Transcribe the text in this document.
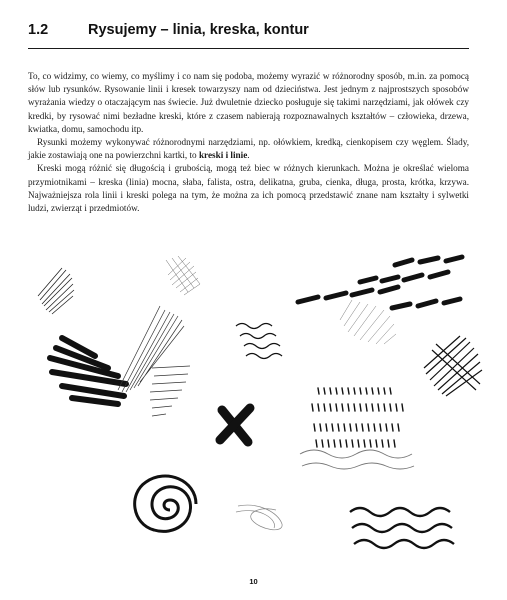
1.2	Rysujemy – linia, kreska, kontur

To, co widzimy, co wiemy, co myślimy i co nam się podoba, możemy wyrazić w różnorodny sposób, m.in. za pomocą słów lub rysunków. Rysowanie linii i kresek towarzyszy nam od dzieciństwa. Jest jednym z najprostszych sposobów wyrażania wiedzy o otaczającym nas świecie. Już dwuletnie dziecko posługuje się takimi narzędziami, jak ołówek czy kredki, by rysować nimi bezładne kreski, które z czasem nabierają rozpoznawalnych kształtów – człowieka, drzewa, kwiatka, domu, samochodu itp.

Rysunki możemy wykonywać różnorodnymi narzędziami, np. ołówkiem, kredką, cienkopisem czy węglem. Ślady, jakie zostawiają one na powierzchni kartki, to kreski i linie.

Kreski mogą różnić się długością i grubością, mogą też biec w różnych kierunkach. Można je określać wieloma przymiotnikami – kreska (linia) mocna, słaba, falista, ostra, delikatna, gruba, cienka, długa, prosta, krótka, krzywa. Najważniejsza rola linii i kreski polega na tym, że można za ich pomocą przedstawić znane nam kształty i sylwetki ludzi, zwierząt i przedmiotów.

10
